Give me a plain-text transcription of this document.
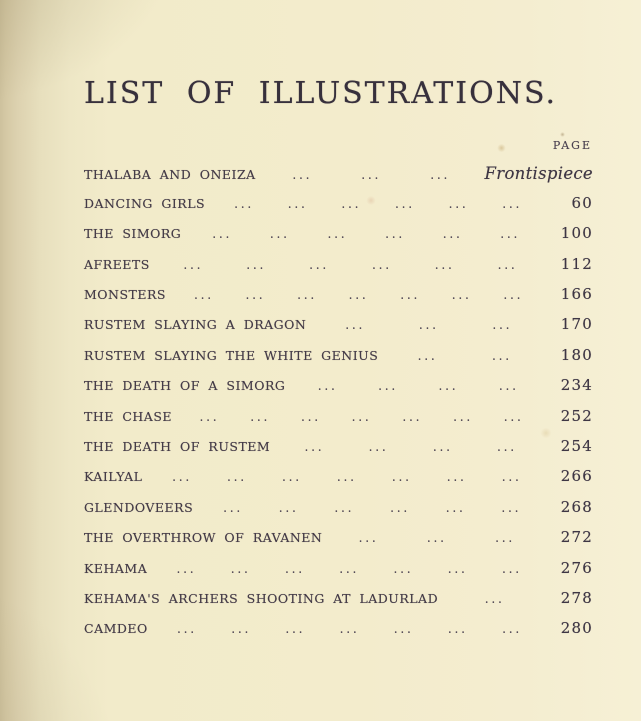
LIST OF ILLUSTRATIONS.
PAGE
THALABA AND ONEIZA	...	...	... Frontispiece
DANCING GIRLS ...	...	...	...	...	...	60
THE SIMORG ...	...	...	...	...	...	100
AFREETS	...	...	...	...	...	...	112
MONSTERS ... ... ... ... ... ... ...	166
RUSTEM SLAYING A DRAGON	...	...	...	170
RUSTEM SLAYING THE WHITE GENIUS	...	...	180
THE DEATH OF A SIMORG ...	...	...	...	234
THE CHASE ... ... ... ... ... ... ...	252
THE DEATH OF RUSTEM	...	...	...	...	254
KAILYAL ...	...	...	...	...	...	...	266
GLENDOVEERS ...	...	...	...	...	...	268
THE OVERTHROW OF RAVANEN	...	...	...	272
KEHAMA ...	...	...	...	...	...	...	276
KEHAMA'S ARCHERS SHOOTING AT LADURLAD	...	278
CAMDEO ...	...	...	...	...	...	...	280
